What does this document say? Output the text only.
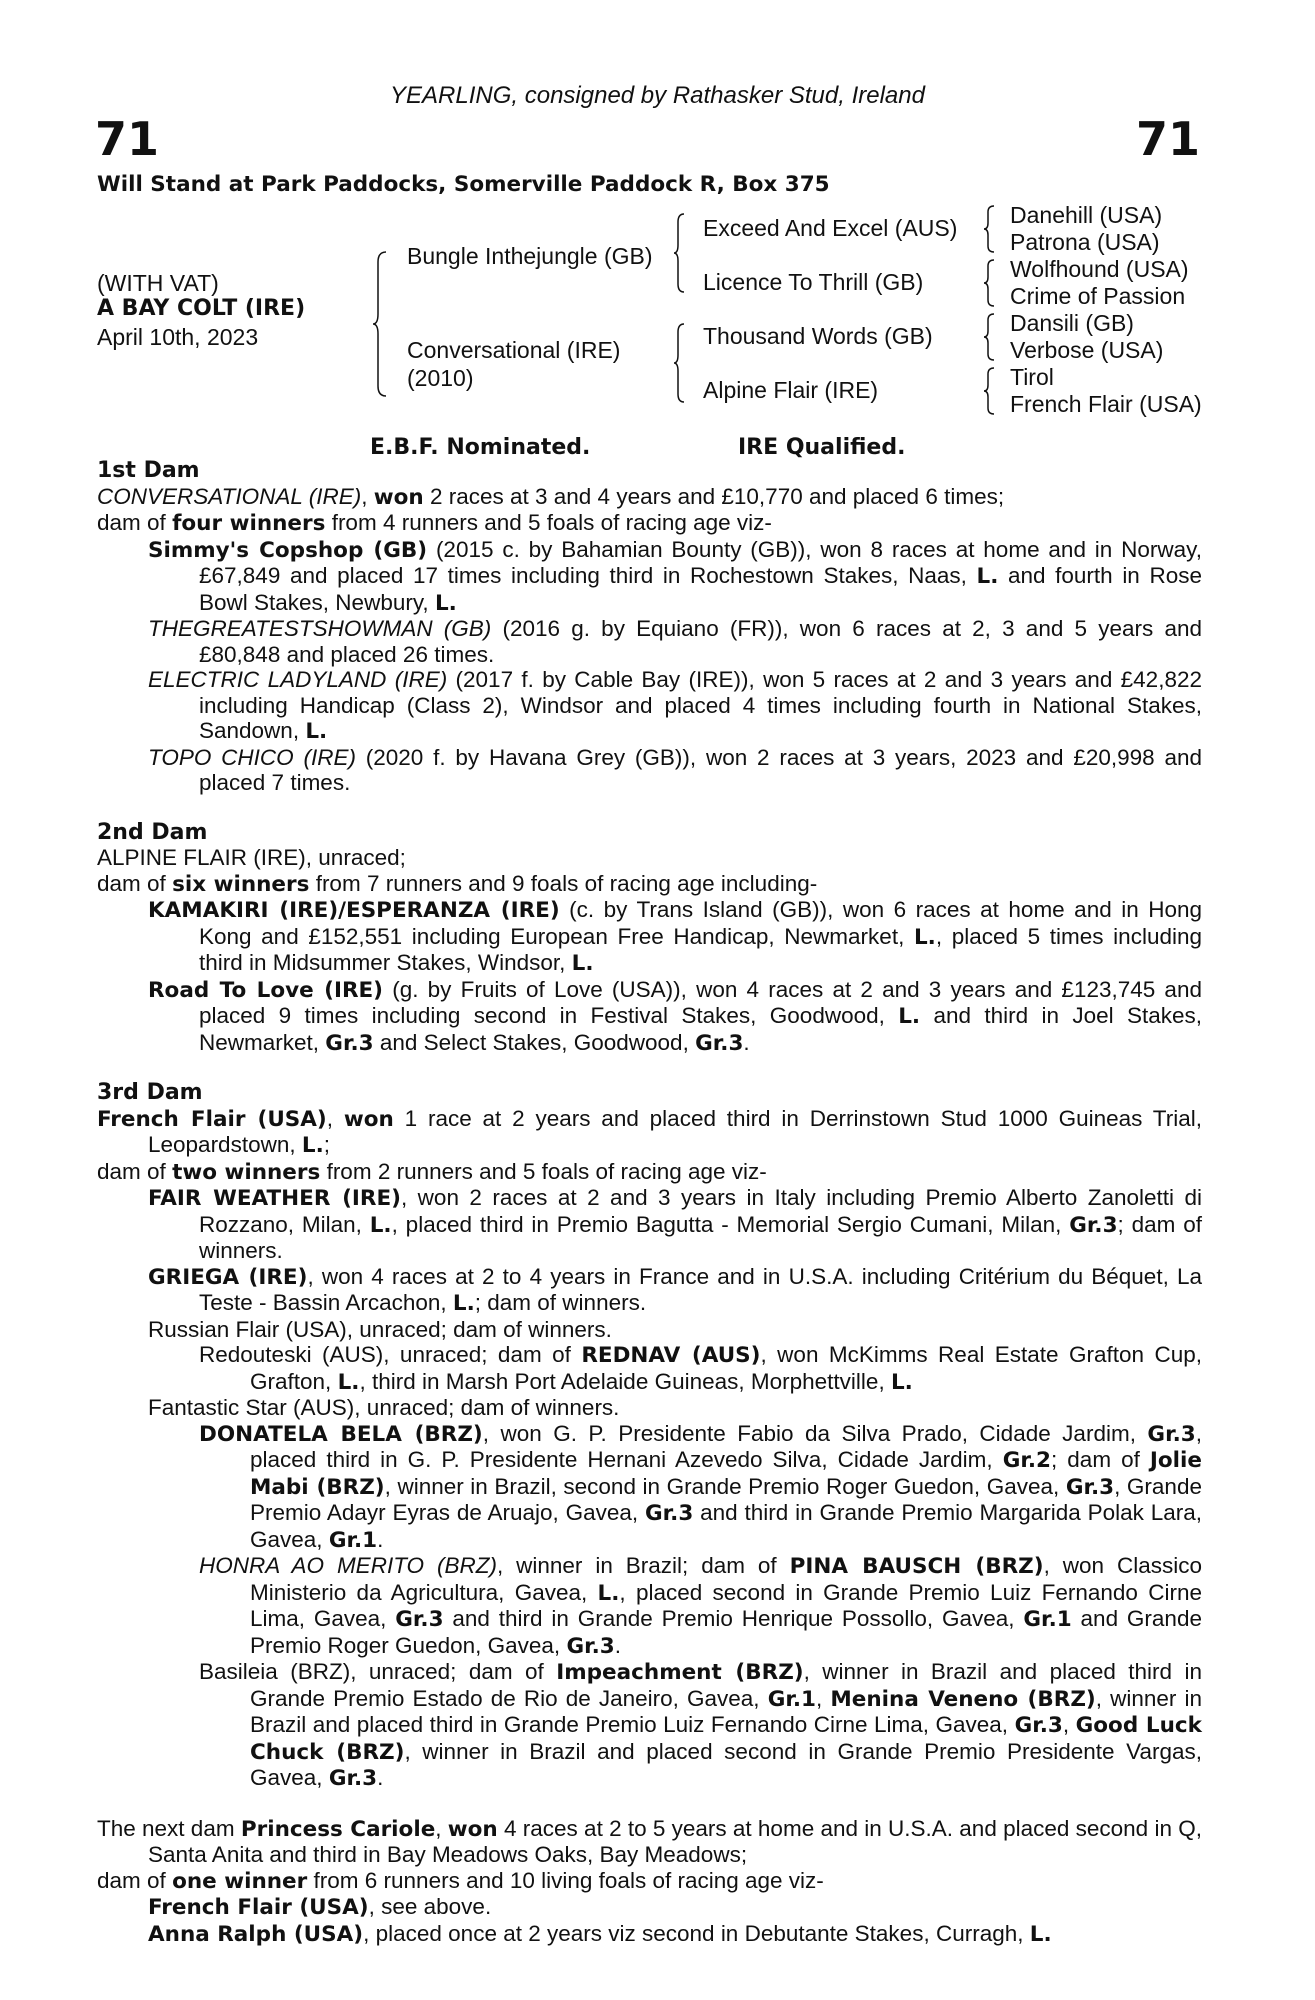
YEARLING, consigned by Rathasker Stud, Ireland
71	71
Will Stand at Park Paddocks, Somerville Paddock R, Box 375
(WITH VAT)
A BAY COLT (IRE)
April 10th, 2023
Bungle Inthejungle (GB)
Conversational (IRE)
(2010)
Exceed And Excel (AUS)
Licence To Thrill (GB)
Thousand Words (GB)
Alpine Flair (IRE)
Danehill (USA)
Patrona (USA)
Wolfhound (USA)
Crime of Passion
Dansili (GB)
Verbose (USA)
Tirol
French Flair (USA)
E.B.F. Nominated.	IRE Qualified.

1st Dam

CONVERSATIONAL (IRE), won 2 races at 3 and 4 years and £10,770 and placed 6 times;

dam of four winners from 4 runners and 5 foals of racing age viz-

Simmy's Copshop (GB) (2015 c. by Bahamian Bounty (GB)), won 8 races at home and in Norway, £67,849 and placed 17 times including third in Rochestown Stakes, Naas, L. and fourth in Rose Bowl Stakes, Newbury, L.

THEGREATESTSHOWMAN (GB) (2016 g. by Equiano (FR)), won 6 races at 2, 3 and 5 years and £80,848 and placed 26 times.

ELECTRIC LADYLAND (IRE) (2017 f. by Cable Bay (IRE)), won 5 races at 2 and 3 years and £42,822 including Handicap (Class 2), Windsor and placed 4 times including fourth in National Stakes, Sandown, L.

TOPO CHICO (IRE) (2020 f. by Havana Grey (GB)), won 2 races at 3 years, 2023 and £20,998 and placed 7 times.

2nd Dam

ALPINE FLAIR (IRE), unraced;

dam of six winners from 7 runners and 9 foals of racing age including-

KAMAKIRI (IRE)/ESPERANZA (IRE) (c. by Trans Island (GB)), won 6 races at home and in Hong Kong and £152,551 including European Free Handicap, Newmarket, L., placed 5 times including third in Midsummer Stakes, Windsor, L.

Road To Love (IRE) (g. by Fruits of Love (USA)), won 4 races at 2 and 3 years and £123,745 and placed 9 times including second in Festival Stakes, Goodwood, L. and third in Joel Stakes, Newmarket, Gr.3 and Select Stakes, Goodwood, Gr.3.

3rd Dam

French Flair (USA), won 1 race at 2 years and placed third in Derrinstown Stud 1000 Guineas Trial, Leopardstown, L.;

dam of two winners from 2 runners and 5 foals of racing age viz-

FAIR WEATHER (IRE), won 2 races at 2 and 3 years in Italy including Premio Alberto Zanoletti di Rozzano, Milan, L., placed third in Premio Bagutta - Memorial Sergio Cumani, Milan, Gr.3; dam of winners.

GRIEGA (IRE), won 4 races at 2 to 4 years in France and in U.S.A. including Critérium du Béquet, La Teste - Bassin Arcachon, L.; dam of winners.

Russian Flair (USA), unraced; dam of winners.

Redouteski (AUS), unraced; dam of REDNAV (AUS), won McKimms Real Estate Grafton Cup, Grafton, L., third in Marsh Port Adelaide Guineas, Morphettville, L.

Fantastic Star (AUS), unraced; dam of winners.

DONATELA BELA (BRZ), won G. P. Presidente Fabio da Silva Prado, Cidade Jardim, Gr.3, placed third in G. P. Presidente Hernani Azevedo Silva, Cidade Jardim, Gr.2; dam of Jolie Mabi (BRZ), winner in Brazil, second in Grande Premio Roger Guedon, Gavea, Gr.3, Grande Premio Adayr Eyras de Aruajo, Gavea, Gr.3 and third in Grande Premio Margarida Polak Lara, Gavea, Gr.1.

HONRA AO MERITO (BRZ), winner in Brazil; dam of PINA BAUSCH (BRZ), won Classico Ministerio da Agricultura, Gavea, L., placed second in Grande Premio Luiz Fernando Cirne Lima, Gavea, Gr.3 and third in Grande Premio Henrique Possollo, Gavea, Gr.1 and Grande Premio Roger Guedon, Gavea, Gr.3.

Basileia (BRZ), unraced; dam of Impeachment (BRZ), winner in Brazil and placed third in Grande Premio Estado de Rio de Janeiro, Gavea, Gr.1, Menina Veneno (BRZ), winner in Brazil and placed third in Grande Premio Luiz Fernando Cirne Lima, Gavea, Gr.3, Good Luck Chuck (BRZ), winner in Brazil and placed second in Grande Premio Presidente Vargas, Gavea, Gr.3.

The next dam Princess Cariole, won 4 races at 2 to 5 years at home and in U.S.A. and placed second in Q, Santa Anita and third in Bay Meadows Oaks, Bay Meadows;

dam of one winner from 6 runners and 10 living foals of racing age viz-

French Flair (USA), see above.

Anna Ralph (USA), placed once at 2 years viz second in Debutante Stakes, Curragh, L.
